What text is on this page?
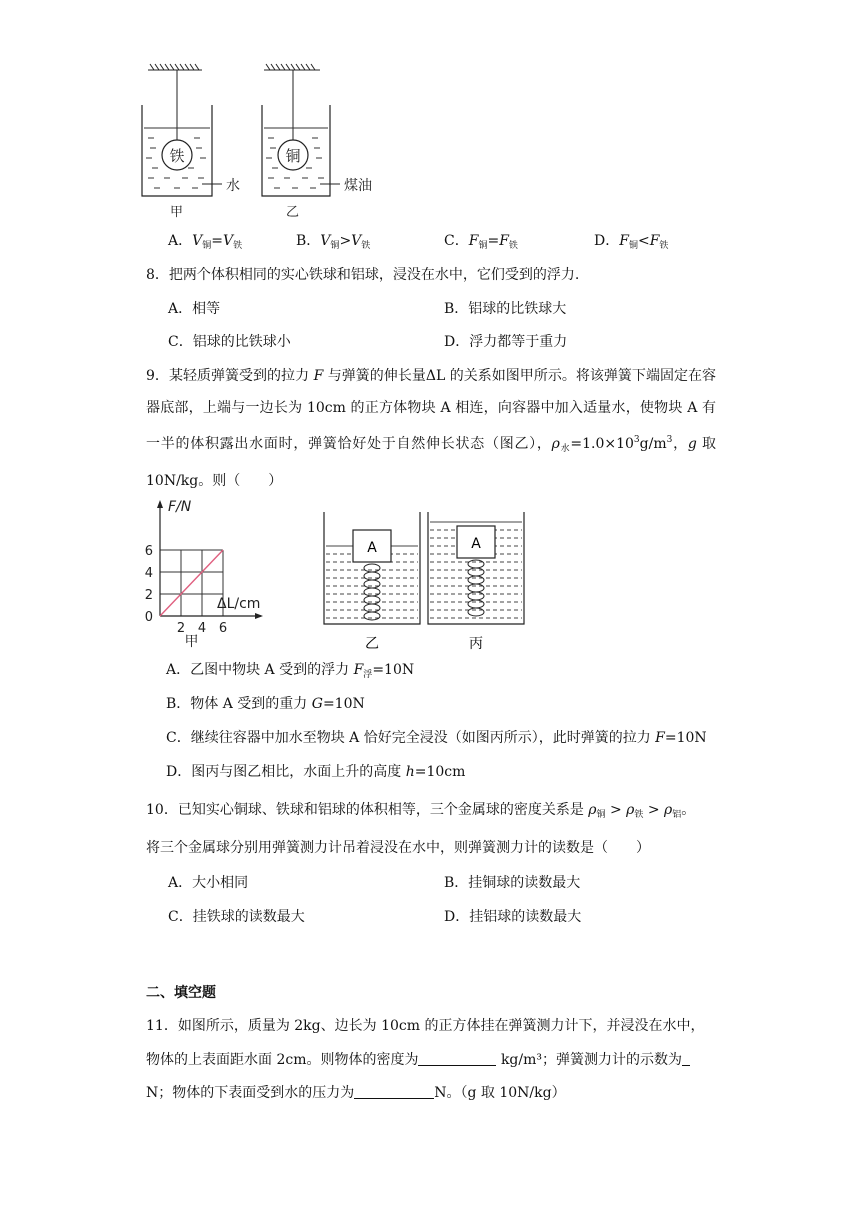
铁
水
甲
铜
煤油
乙
A．$V_铜=V_铁$	B．$V_铜>V_铁$	C．$F_铜=F_铁$	D．$F_铜<F_铁$
8．把两个体积相同的实心铁球和铝球，浸没在水中，它们受到的浮力.
A．相等	B．铝球的比铁球大
C．铝球的比铁球小	D．浮力都等于重力
9．某轻质弹簧受到的拉力 F 与弹簧的伸长量ΔL 的关系如图甲所示。将该弹簧下端固定在容器底部，上端与一边长为 10cm 的正方体物块 A 相连，向容器中加入适量水，使物块 A 有一半的体积露出水面时，弹簧恰好处于自然伸长状态（图乙），$\rho_水=1.0\times 10^3g/m^3$，g 取 10N/kg。则（　　）
2 4 6
2
4
6
0
F/N
ΔL/cm
甲
A
乙
A
丙
A．乙图中物块 A 受到的浮力 $F_浮=10N$
B．物体 A 受到的重力 G=10N
C．继续往容器中加水至物块 A 恰好完全浸没（如图丙所示），此时弹簧的拉力 F=10N
D．图丙与图乙相比，水面上升的高度 h=10cm
10．已知实心铜球、铁球和铝球的体积相等，三个金属球的密度关系是 $\rho_铜 > \rho_铁 > \rho_铝$。
将三个金属球分别用弹簧测力计吊着浸没在水中，则弹簧测力计的读数是（　　）
A．大小相同	B．挂铜球的读数最大
C．挂铁球的读数最大	D．挂铝球的读数最大
二、填空题
11．如图所示，质量为 2kg、边长为 10cm 的正方体挂在弹簧测力计下，并浸没在水中，
物体的上表面距水面 2cm。则物体的密度为	kg/m³；弹簧测力计的示数为
N；物体的下表面受到水的压力为	N。（g 取 10N/kg）
